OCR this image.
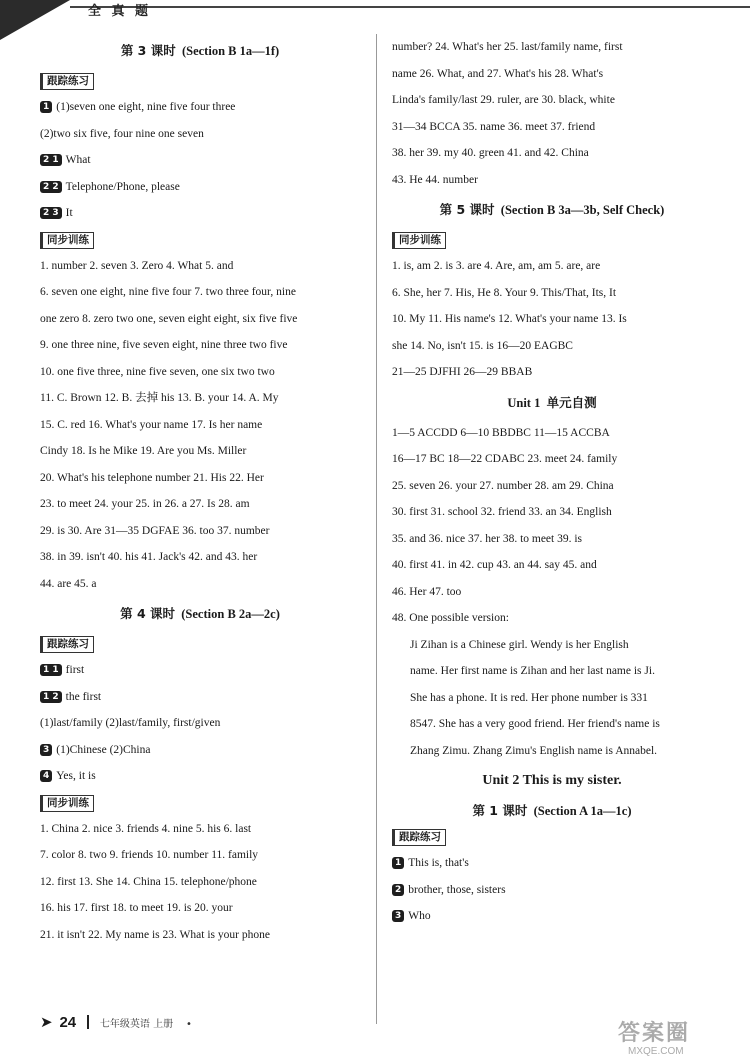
全 真 题
第 3 课时 (Section B 1a—1f)
跟踪练习
1 (1)seven one eight, nine five four three
(2)two six five, four nine one seven
2 1 What
2 2 Telephone/Phone, please
2 3 It
同步训练
1. number 2. seven 3. Zero 4. What 5. and
6. seven one eight, nine five four 7. two three four, nine
one zero 8. zero two one, seven eight eight, six five five
9. one three nine, five seven eight, nine three two five
10. one five three, nine five seven, one six two two
11. C. Brown 12. B. 去掉 his 13. B. your 14. A. My
15. C. red 16. What's your name 17. Is her name
Cindy 18. Is he Mike 19. Are you Ms. Miller
20. What's his telephone number 21. His 22. Her
23. to meet 24. your 25. in 26. a 27. Is 28. am
29. is 30. Are 31—35 DGFAE 36. too 37. number
38. in 39. isn't 40. his 41. Jack's 42. and 43. her
44. are 45. a
第 4 课时 (Section B 2a—2c)
跟踪练习
1 1 first
1 2 the first
(1)last/family (2)last/family, first/given
3 (1)Chinese (2)China
4 Yes, it is
同步训练
1. China 2. nice 3. friends 4. nine 5. his 6. last
7. color 8. two 9. friends 10. number 11. family
12. first 13. She 14. China 15. telephone/phone
16. his 17. first 18. to meet 19. is 20. your
21. it isn't 22. My name is 23. What is your phone
number? 24. What's her 25. last/family name, first
name 26. What, and 27. What's his 28. What's
Linda's family/last 29. ruler, are 30. black, white
31—34 BCCA 35. name 36. meet 37. friend
38. her 39. my 40. green 41. and 42. China
43. He 44. number
第 5 课时 (Section B 3a—3b, Self Check)
同步训练
1. is, am 2. is 3. are 4. Are, am, am 5. are, are
6. She, her 7. His, He 8. Your 9. This/That, Its, It
10. My 11. His name's 12. What's your name 13. Is
she 14. No, isn't 15. is 16—20 EAGBC
21—25 DJFHI 26—29 BBAB
Unit 1 单元自测
1—5 ACCDD 6—10 BBDBC 11—15 ACCBA
16—17 BC 18—22 CDABC 23. meet 24. family
25. seven 26. your 27. number 28. am 29. China
30. first 31. school 32. friend 33. an 34. English
35. and 36. nice 37. her 38. to meet 39. is
40. first 41. in 42. cup 43. an 44. say 45. and
46. Her 47. too
48. One possible version:
Ji Zihan is a Chinese girl. Wendy is her English
name. Her first name is Zihan and her last name is Ji.
She has a phone. It is red. Her phone number is 331
8547. She has a very good friend. Her friend's name is
Zhang Zimu. Zhang Zimu's English name is Annabel.
Unit 2 This is my sister.
第 1 课时 (Section A 1a—1c)
跟踪练习
1 This is, that's
2 brother, those, sisters
3 Who
➤ 24 七年级英语 上册 •	答案圈
MXQE.COM
